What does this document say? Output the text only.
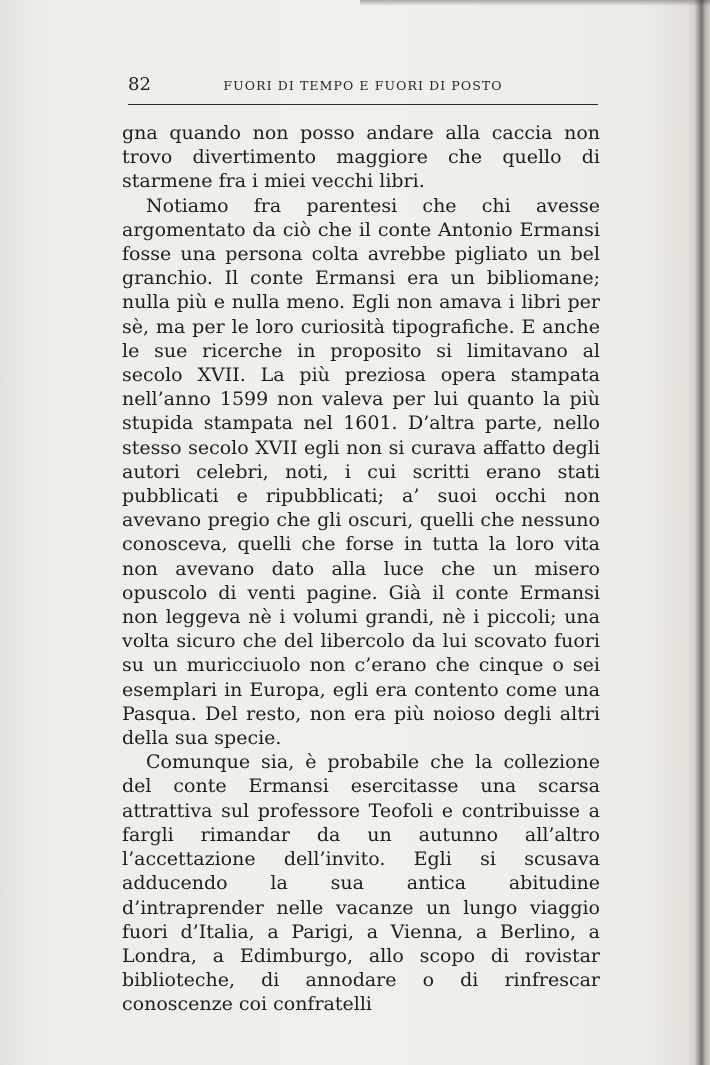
82	FUORI DI TEMPO E FUORI DI POSTO

gna quando non posso andare alla caccia non trovo divertimento maggiore che quello di starmene fra i miei vecchi libri.

Notiamo fra parentesi che chi avesse argomentato da ciò che il conte Antonio Ermansi fosse una persona colta avrebbe pigliato un bel granchio. Il conte Ermansi era un bibliomane; nulla più e nulla meno. Egli non amava i libri per sè, ma per le loro curiosità tipografiche. E anche le sue ricerche in proposito si limitavano al secolo XVII. La più preziosa opera stampata nell’anno 1599 non valeva per lui quanto la più stupida stampata nel 1601. D’altra parte, nello stesso secolo XVII egli non si curava affatto degli autori celebri, noti, i cui scritti erano stati pubblicati e ripubblicati; a’ suoi occhi non avevano pregio che gli oscuri, quelli che nessuno conosceva, quelli che forse in tutta la loro vita non avevano dato alla luce che un misero opuscolo di venti pagine. Già il conte Ermansi non leggeva nè i volumi grandi, nè i piccoli; una volta sicuro che del libercolo da lui scovato fuori su un muricciuolo non c’erano che cinque o sei esemplari in Europa, egli era contento come una Pasqua. Del resto, non era più noioso degli altri della sua specie.

Comunque sia, è probabile che la collezione del conte Ermansi esercitasse una scarsa attrattiva sul professore Teofoli e contribuisse a fargli rimandar da un autunno all’altro l’accettazione dell’invito. Egli si scusava adducendo la sua antica abitudine d’intraprender nelle vacanze un lungo viaggio fuori d’Italia, a Parigi, a Vienna, a Berlino, a Londra, a Edimburgo, allo scopo di rovistar biblioteche, di annodare o di rinfrescar conoscenze coi confratelli
